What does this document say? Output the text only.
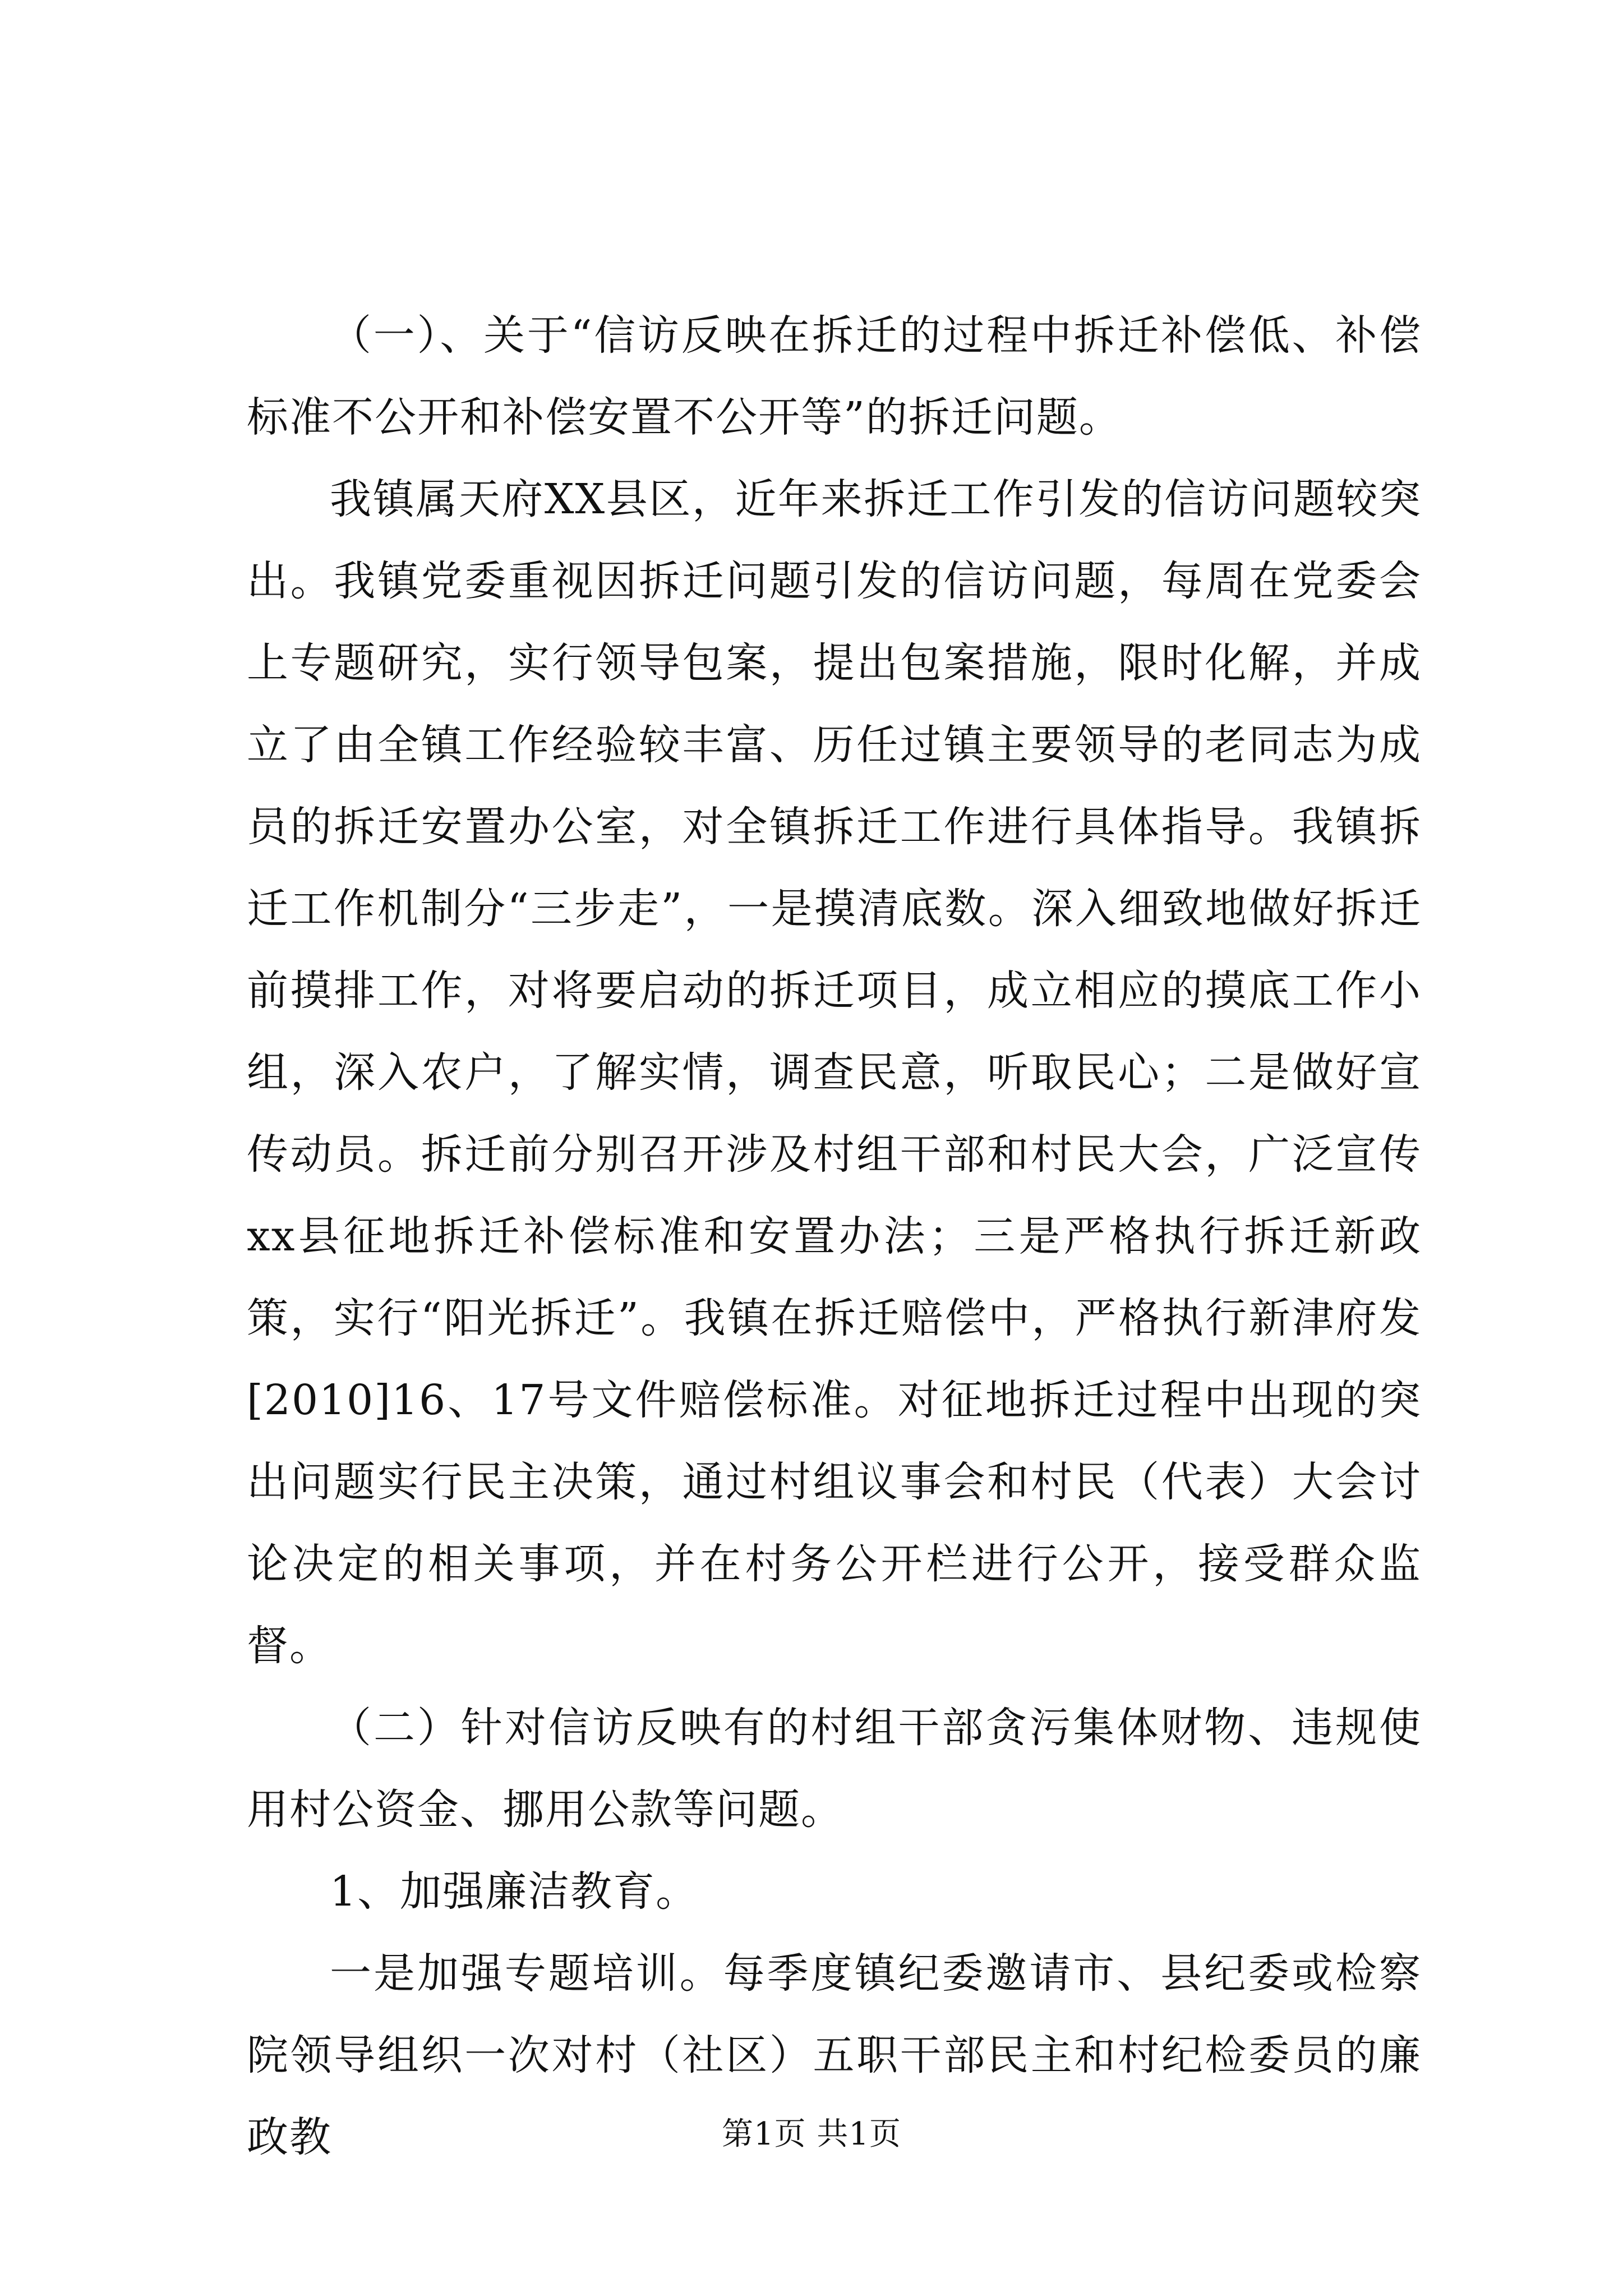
（一）、关于“信访反映在拆迁的过程中拆迁补偿低、补偿标准不公开和补偿安置不公开等”的拆迁问题。

我镇属天府XX县区，近年来拆迁工作引发的信访问题较突出。我镇党委重视因拆迁问题引发的信访问题，每周在党委会上专题研究，实行领导包案，提出包案措施，限时化解，并成立了由全镇工作经验较丰富、历任过镇主要领导的老同志为成员的拆迁安置办公室，对全镇拆迁工作进行具体指导。我镇拆迁工作机制分“三步走”，一是摸清底数。深入细致地做好拆迁前摸排工作，对将要启动的拆迁项目，成立相应的摸底工作小组，深入农户，了解实情，调查民意，听取民心；二是做好宣传动员。拆迁前分别召开涉及村组干部和村民大会，广泛宣传xx县征地拆迁补偿标准和安置办法；三是严格执行拆迁新政策，实行“阳光拆迁”。我镇在拆迁赔偿中，严格执行新津府发[2010]16、17号文件赔偿标准。对征地拆迁过程中出现的突出问题实行民主决策，通过村组议事会和村民（代表）大会讨论决定的相关事项，并在村务公开栏进行公开，接受群众监督。

（二）针对信访反映有的村组干部贪污集体财物、违规使用村公资金、挪用公款等问题。

1、加强廉洁教育。

一是加强专题培训。每季度镇纪委邀请市、县纪委或检察院领导组织一次对村（社区）五职干部民主和村纪检委员的廉政教	第1页 共1页
